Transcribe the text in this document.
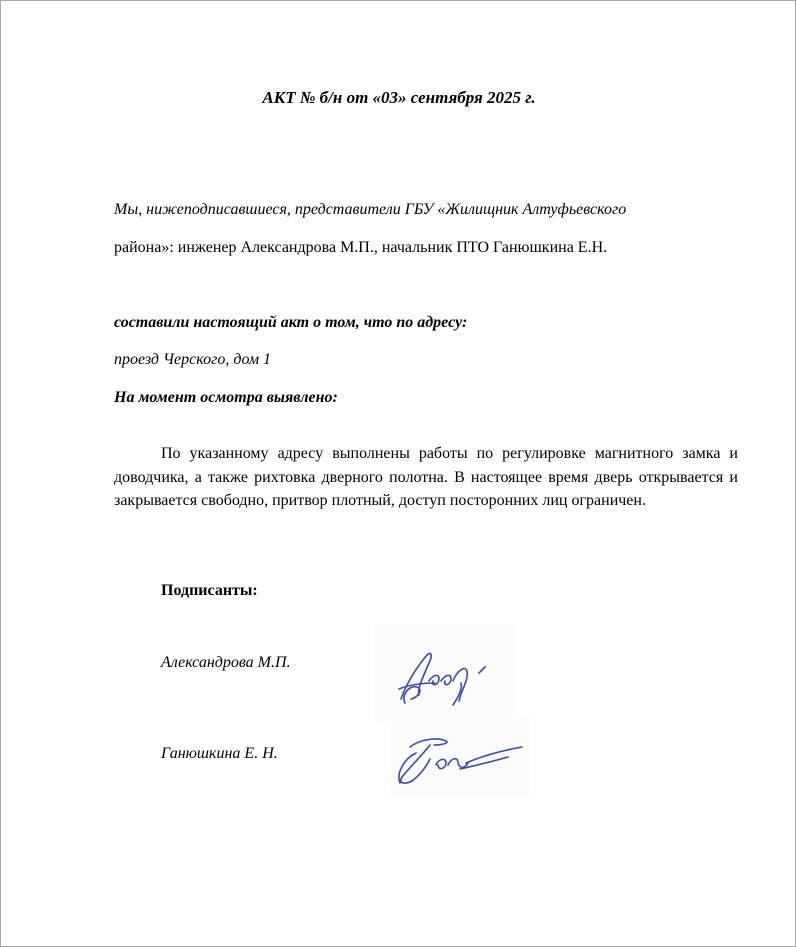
АКТ № б/н от «03» сентября 2025 г.
Мы, нижеподписавшиеся, представители ГБУ «Жилищник Алтуфьевского
района»: инженер Александрова М.П., начальник ПТО Ганюшкина Е.Н.
составили настоящий акт о том, что по адресу:
проезд Черского, дом 1
На момент осмотра выявлено:
По указанному адресу выполнены работы по регулировке магнитного замка и доводчика, а также рихтовка дверного полотна. В настоящее время дверь открывается и закрывается свободно, притвор плотный, доступ посторонних лиц ограничен.
Подписанты:
Александрова М.П.
Ганюшкина Е. Н.
